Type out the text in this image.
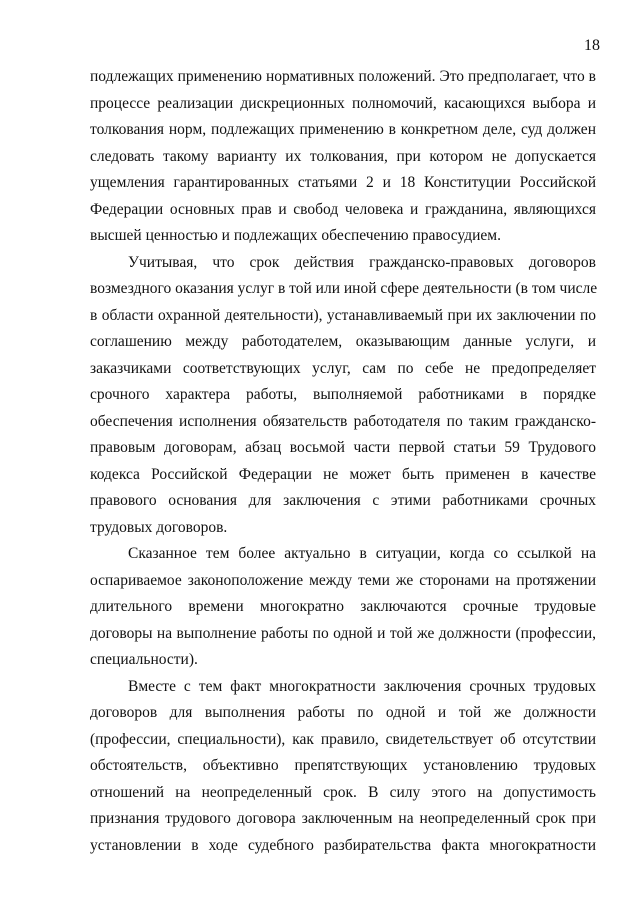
18
подлежащих применению нормативных положений. Это предполагает, что в
процессе реализации дискреционных полномочий, касающихся выбора и
толкования норм, подлежащих применению в конкретном деле, суд должен
следовать такому варианту их толкования, при котором не допускается
ущемления гарантированных статьями 2 и 18 Конституции Российской
Федерации основных прав и свобод человека и гражданина, являющихся
высшей ценностью и подлежащих обеспечению правосудием.
Учитывая, что срок действия гражданско-правовых договоров
возмездного оказания услуг в той или иной сфере деятельности (в том числе
в области охранной деятельности), устанавливаемый при их заключении по
соглашению между работодателем, оказывающим данные услуги, и
заказчиками соответствующих услуг, сам по себе не предопределяет
срочного характера работы, выполняемой работниками в порядке
обеспечения исполнения обязательств работодателя по таким гражданско-
правовым договорам, абзац восьмой части первой статьи 59 Трудового
кодекса Российской Федерации не может быть применен в качестве
правового основания для заключения с этими работниками срочных
трудовых договоров.
Сказанное тем более актуально в ситуации, когда со ссылкой на
оспариваемое законоположение между теми же сторонами на протяжении
длительного времени многократно заключаются срочные трудовые
договоры на выполнение работы по одной и той же должности (профессии,
специальности).
Вместе с тем факт многократности заключения срочных трудовых
договоров для выполнения работы по одной и той же должности
(профессии, специальности), как правило, свидетельствует об отсутствии
обстоятельств, объективно препятствующих установлению трудовых
отношений на неопределенный срок. В силу этого на допустимость
признания трудового договора заключенным на неопределенный срок при
установлении в ходе судебного разбирательства факта многократности
